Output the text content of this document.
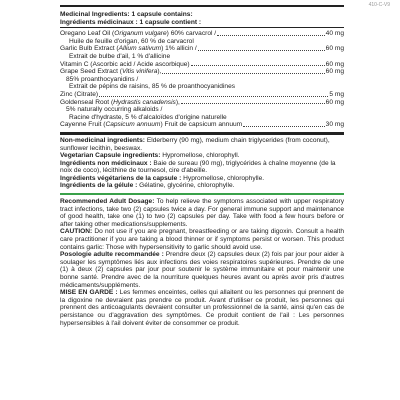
410-C-V9
Medicinal Ingredients: 1 capsule contains:
Ingrédients médicinaux : 1 capsule contient :
Oregano Leaf Oil (Origanum vulgare) 60% carvacrol /	40 mg
Huile de feuille d'origan, 60 % de carvacrol
Garlic Bulb Extract (Allium sativum) 1% allicin /	60 mg
Extrait de bulbe d'ail, 1 % d'allicine
Vitamin C (Ascorbic acid / Acide ascorbique)	60 mg
Grape Seed Extract (Vitis vinifera),	60 mg
85% proanthocyanidins /
Extrait de pépins de raisins, 85 % de proanthocyanidines
Zinc (Citrate)	5 mg
Goldenseal Root (Hydrastis canadensis),	60 mg
5% naturally occurring alkaloids /
Racine d'hydraste, 5 % d'alcaloïdes d'origine naturelle
Cayenne Fruit (Capsicum annuum) Fruit de capsicum annuum	30 mg

Non-medicinal ingredients: Elderberry (90 mg), medium chain triglycerides (from coconut), sunflower lecithin, beeswax.

Vegetarian Capsule ingredients: Hypromellose, chlorophyll.

Ingrédients non médicinaux : Baie de sureau (90 mg), triglycérides à chaîne moyenne (de la noix de coco), lécithine de tournesol, cire d'abeille.

Ingrédients végétariens de la capsule : Hypromellose, chlorophylle.

Ingrédients de la gélule : Gélatine, glycérine, chlorophylle.

Recommended Adult Dosage: To help relieve the symptoms associated with upper respiratory tract infections, take two (2) capsules twice a day. For general immune support and maintenance of good health, take one (1) to two (2) capsules per day. Take with food a few hours before or after taking other medications/supplements.

CAUTION: Do not use if you are pregnant, breastfeeding or are taking digoxin. Consult a health care practitioner if you are taking a blood thinner or if symptoms persist or worsen. This product contains garlic: Those with hypersensitivity to garlic should avoid use.

Posologie adulte recommandée : Prendre deux (2) capsules deux (2) fois par jour pour aider à soulager les symptômes liés aux infections des voies respiratoires supérieures. Prendre de une (1) à deux (2) capsules par jour pour soutenir le système immunitaire et pour maintenir une bonne santé. Prendre avec de la nourriture quelques heures avant ou après avoir pris d'autres médicaments/suppléments.

MISE EN GARDE : Les femmes enceintes, celles qui allaitent ou les personnes qui prennent de la digoxine ne devraient pas prendre ce produit. Avant d'utiliser ce produit, les personnes qui prennent des anticoagulants devraient consulter un professionnel de la santé, ainsi qu'en cas de persistance ou d'aggravation des symptômes. Ce produit contient de l'ail : Les personnes hypersensibles à l'ail doivent éviter de consommer ce produit.
